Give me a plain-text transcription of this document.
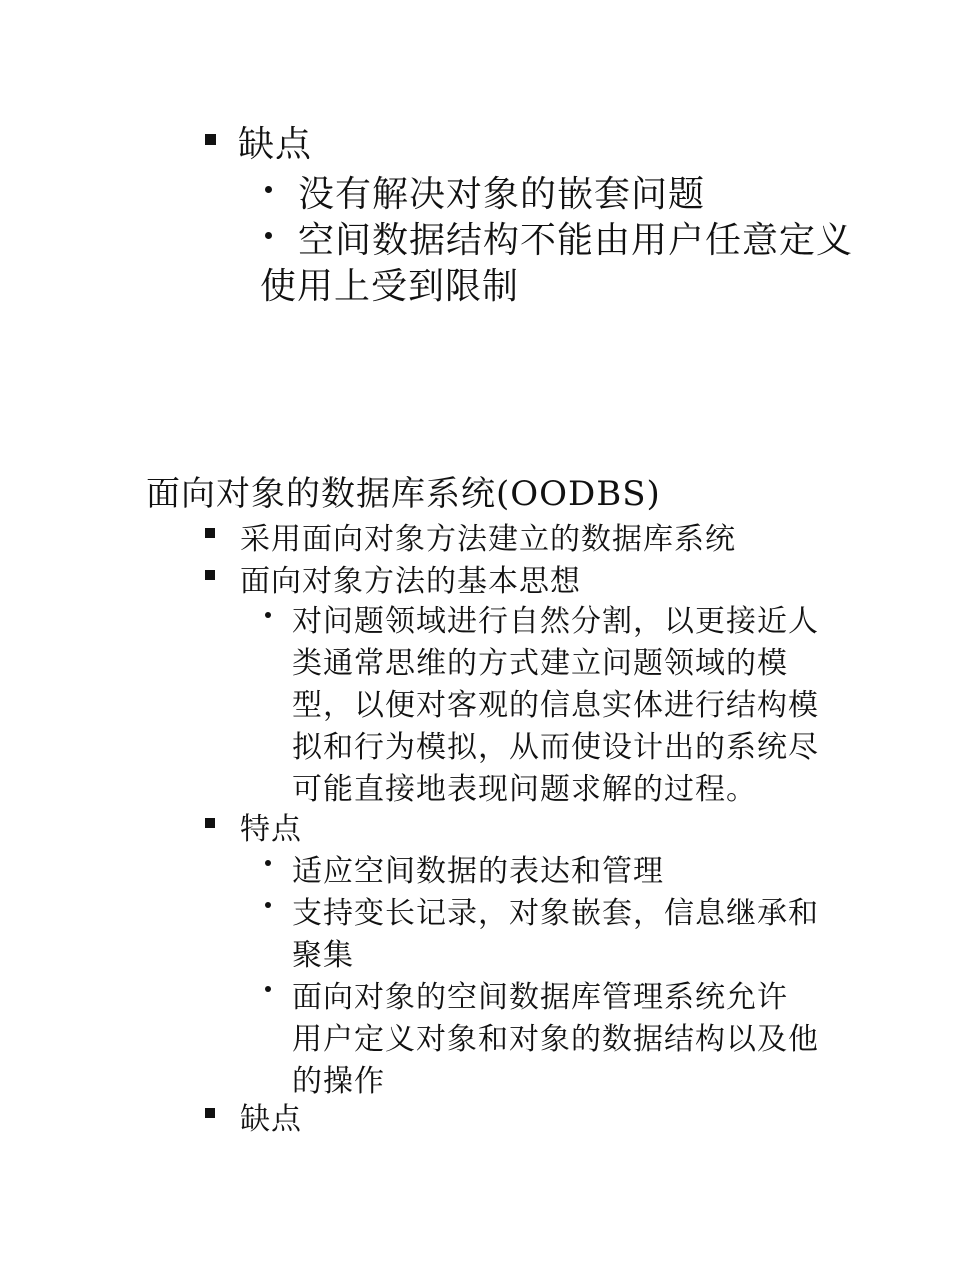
缺点
没有解决对象的嵌套问题
空间数据结构不能由用户任意定义
使用上受到限制
面向对象的数据库系统(OODBS)
采用面向对象方法建立的数据库系统
面向对象方法的基本思想
对问题领域进行自然分割，以更接近人
类通常思维的方式建立问题领域的模
型，以便对客观的信息实体进行结构模
拟和行为模拟，从而使设计出的系统尽
可能直接地表现问题求解的过程。
特点
适应空间数据的表达和管理
支持变长记录，对象嵌套，信息继承和
聚集
面向对象的空间数据库管理系统允许
用户定义对象和对象的数据结构以及他
的操作
缺点
